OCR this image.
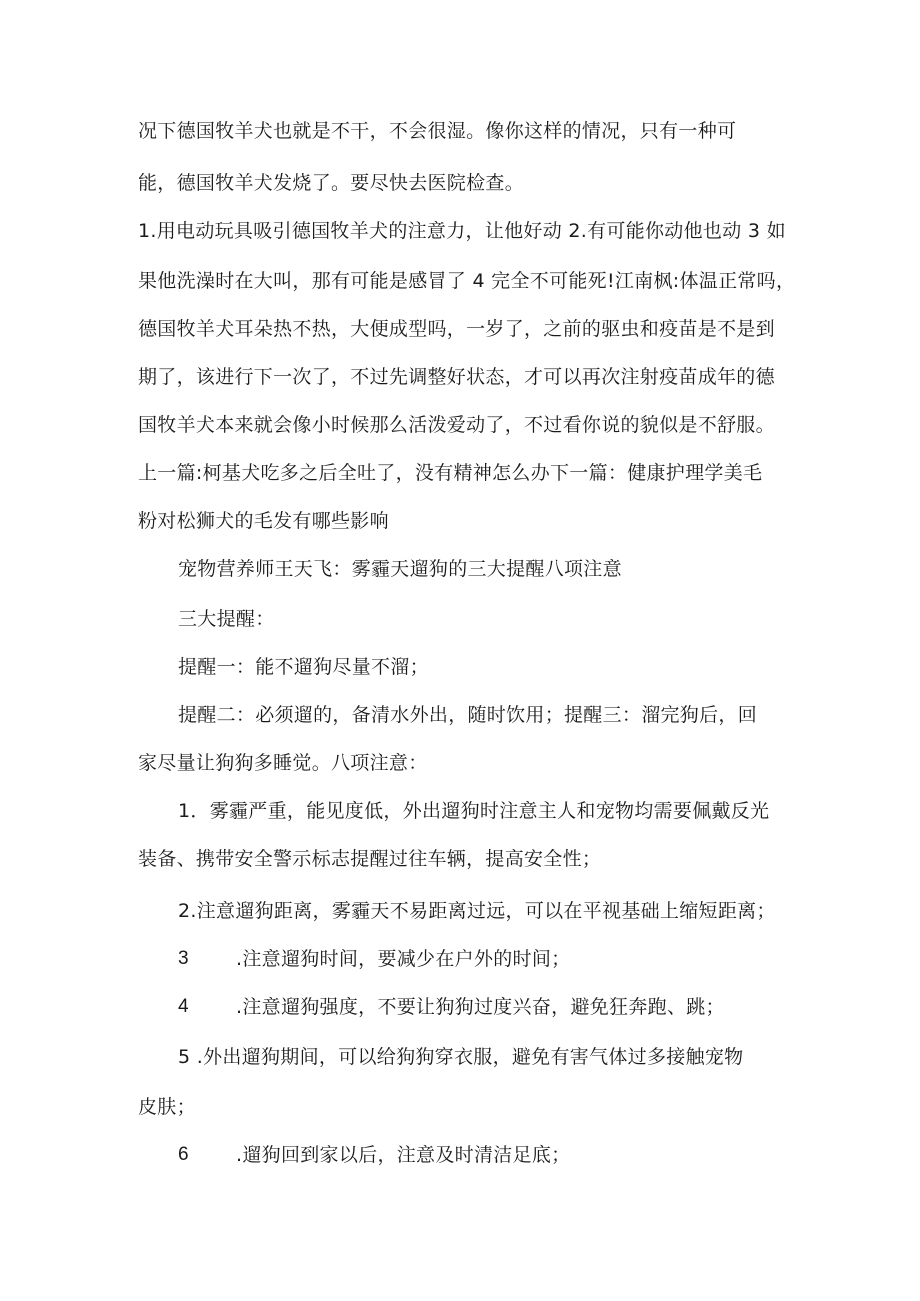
况下德国牧羊犬也就是不干，不会很湿。像你这样的情况，只有一种可
能，德国牧羊犬发烧了。要尽快去医院检查。
1.用电动玩具吸引德国牧羊犬的注意力，让他好动 2.有可能你动他也动 3 如
果他洗澡时在大叫，那有可能是感冒了 4 完全不可能死!江南枫:体温正常吗，
德国牧羊犬耳朵热不热，大便成型吗，一岁了，之前的驱虫和疫苗是不是到
期了，该进行下一次了，不过先调整好状态，才可以再次注射疫苗成年的德
国牧羊犬本来就会像小时候那么活泼爱动了，不过看你说的貌似是不舒服。
上一篇:柯基犬吃多之后全吐了，没有精神怎么办下一篇：健康护理学美毛
粉对松狮犬的毛发有哪些影响
宠物营养师王天飞：雾霾天遛狗的三大提醒八项注意
三大提醒：
提醒一：能不遛狗尽量不溜；
提醒二：必须遛的，备清水外出，随时饮用；提醒三：溜完狗后，回
家尽量让狗狗多睡觉。八项注意：
1．雾霾严重，能见度低，外出遛狗时注意主人和宠物均需要佩戴反光
装备、携带安全警示标志提醒过往车辆，提高安全性；
2.注意遛狗距离，雾霾天不易距离过远，可以在平视基础上缩短距离；
3 .注意遛狗时间，要减少在户外的时间；
4 .注意遛狗强度，不要让狗狗过度兴奋，避免狂奔跑、跳；
5 .外出遛狗期间，可以给狗狗穿衣服，避免有害气体过多接触宠物
皮肤；
6 .遛狗回到家以后，注意及时清洁足底；
